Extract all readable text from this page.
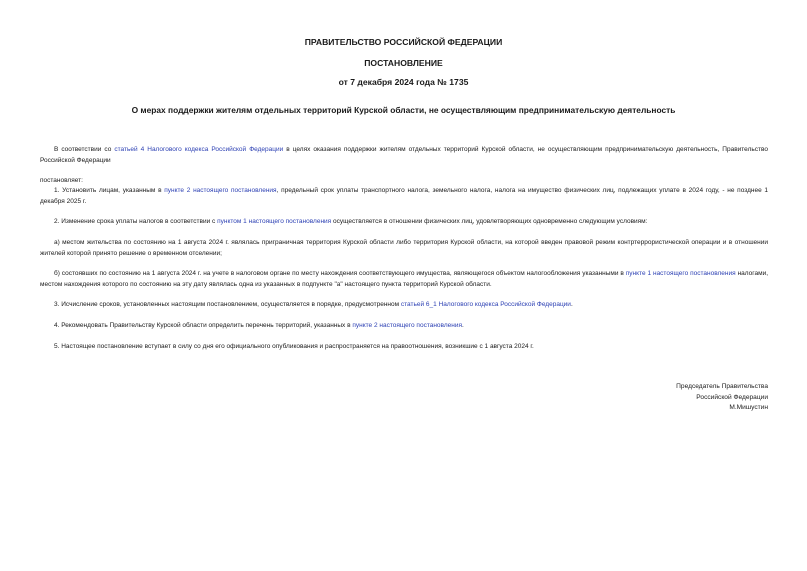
ПРАВИТЕЛЬСТВО РОССИЙСКОЙ ФЕДЕРАЦИИ
ПОСТАНОВЛЕНИЕ
от 7 декабря 2024 года № 1735
О мерах поддержки жителям отдельных территорий Курской области, не осуществляющим предпринимательскую деятельность

В соответствии со статьей 4 Налогового кодекса Российской Федерации в целях оказания поддержки жителям отдельных территорий Курской области, не осуществляющим предпринимательскую деятельность, Правительство Российской Федерации

постановляет:

1. Установить лицам, указанным в пункте 2 настоящего постановления, предельный срок уплаты транспортного налога, земельного налога, налога на имущество физических лиц, подлежащих уплате в 2024 году, - не позднее 1 декабря 2025 г.

2. Изменение срока уплаты налогов в соответствии с пунктом 1 настоящего постановления осуществляется в отношении физических лиц, удовлетворяющих одновременно следующим условиям:

а) местом жительства по состоянию на 1 августа 2024 г. являлась приграничная территория Курской области либо территория Курской области, на которой введен правовой режим контртеррористической операции и в отношении жителей которой принято решение о временном отселении;

б) состоявших по состоянию на 1 августа 2024 г. на учете в налоговом органе по месту нахождения соответствующего имущества, являющегося объектом налогообложения указанными в пункте 1 настоящего постановления налогами, местом нахождения которого по состоянию на эту дату являлась одна из указанных в подпункте "а" настоящего пункта территорий Курской области.

3. Исчисление сроков, установленных настоящим постановлением, осуществляется в порядке, предусмотренном статьей 6_1 Налогового кодекса Российской Федерации.

4. Рекомендовать Правительству Курской области определить перечень территорий, указанных в пункте 2 настоящего постановления.

5. Настоящее постановление вступает в силу со дня его официального опубликования и распространяется на правоотношения, возникшие с 1 августа 2024 г.

Председатель Правительства
Российской Федерации
М.Мишустин
